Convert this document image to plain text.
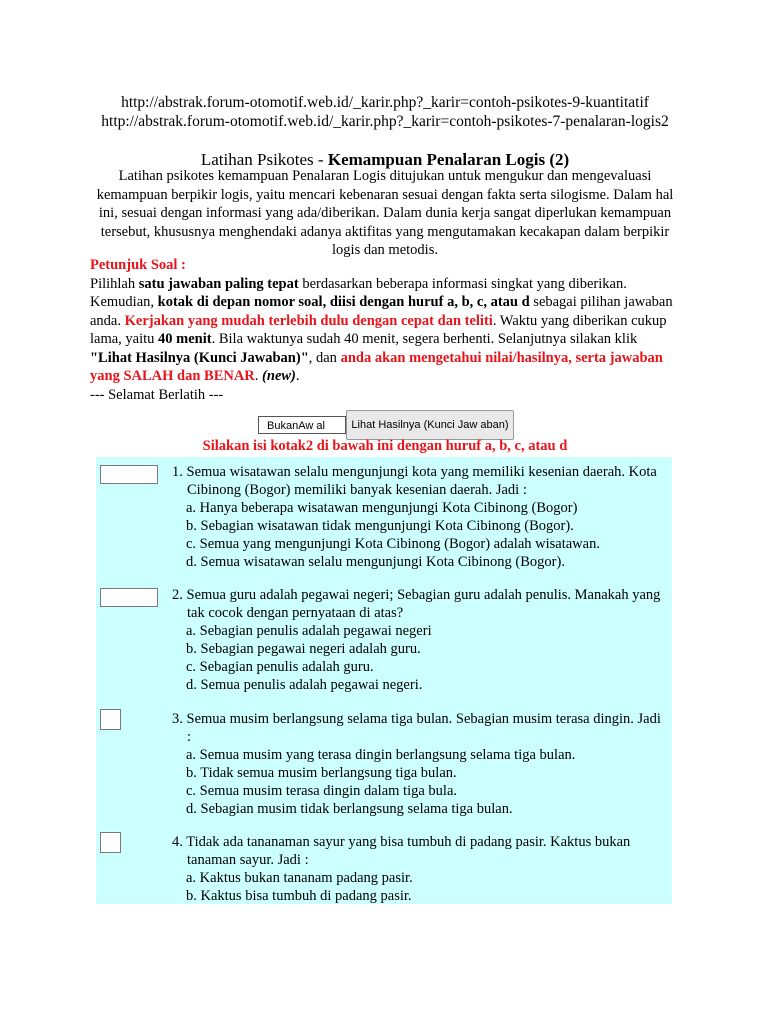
http://abstrak.forum-otomotif.web.id/_karir.php?_karir=contoh-psikotes-9-kuantitatif
http://abstrak.forum-otomotif.web.id/_karir.php?_karir=contoh-psikotes-7-penalaran-logis2
Latihan Psikotes - Kemampuan Penalaran Logis (2)
Latihan psikotes kemampuan Penalaran Logis ditujukan untuk mengukur dan mengevaluasi kemampuan berpikir logis, yaitu mencari kebenaran sesuai dengan fakta serta silogisme. Dalam hal ini, sesuai dengan informasi yang ada/diberikan. Dalam dunia kerja sangat diperlukan kemampuan tersebut, khususnya menghendaki adanya aktifitas yang mengutamakan kecakapan dalam berpikir logis dan metodis.
Petunjuk Soal :
Pilihlah satu jawaban paling tepat berdasarkan beberapa informasi singkat yang diberikan. Kemudian, kotak di depan nomor soal, diisi dengan huruf a, b, c, atau d sebagai pilihan jawaban anda. Kerjakan yang mudah terlebih dulu dengan cepat dan teliti. Waktu yang diberikan cukup lama, yaitu 40 menit. Bila waktunya sudah 40 menit, segera berhenti. Selanjutnya silakan klik "Lihat Hasilnya (Kunci Jawaban)", dan anda akan mengetahui nilai/hasilnya, serta jawaban yang SALAH dan BENAR. (new).
--- Selamat Berlatih ---
BukanAw al	Lihat Hasilnya (Kunci Jaw aban)
Silakan isi kotak2 di bawah ini dengan huruf a, b, c, atau d
1. Semua wisatawan selalu mengunjungi kota yang memiliki kesenian daerah. Kota Cibinong (Bogor) memiliki banyak kesenian daerah. Jadi :
a. Hanya beberapa wisatawan mengunjungi Kota Cibinong (Bogor)
b. Sebagian wisatawan tidak mengunjungi Kota Cibinong (Bogor).
c. Semua yang mengunjungi Kota Cibinong (Bogor) adalah wisatawan.
d. Semua wisatawan selalu mengunjungi Kota Cibinong (Bogor).
2. Semua guru adalah pegawai negeri; Sebagian guru adalah penulis. Manakah yang tak cocok dengan pernyataan di atas?
a. Sebagian penulis adalah pegawai negeri
b. Sebagian pegawai negeri adalah guru.
c. Sebagian penulis adalah guru.
d. Semua penulis adalah pegawai negeri.
3. Semua musim berlangsung selama tiga bulan. Sebagian musim terasa dingin. Jadi :
a. Semua musim yang terasa dingin berlangsung selama tiga bulan.
b. Tidak semua musim berlangsung tiga bulan.
c. Semua musim terasa dingin dalam tiga bula.
d. Sebagian musim tidak berlangsung selama tiga bulan.
4. Tidak ada tananaman sayur yang bisa tumbuh di padang pasir. Kaktus bukan tanaman sayur. Jadi :
a. Kaktus bukan tananam padang pasir.
b. Kaktus bisa tumbuh di padang pasir.
